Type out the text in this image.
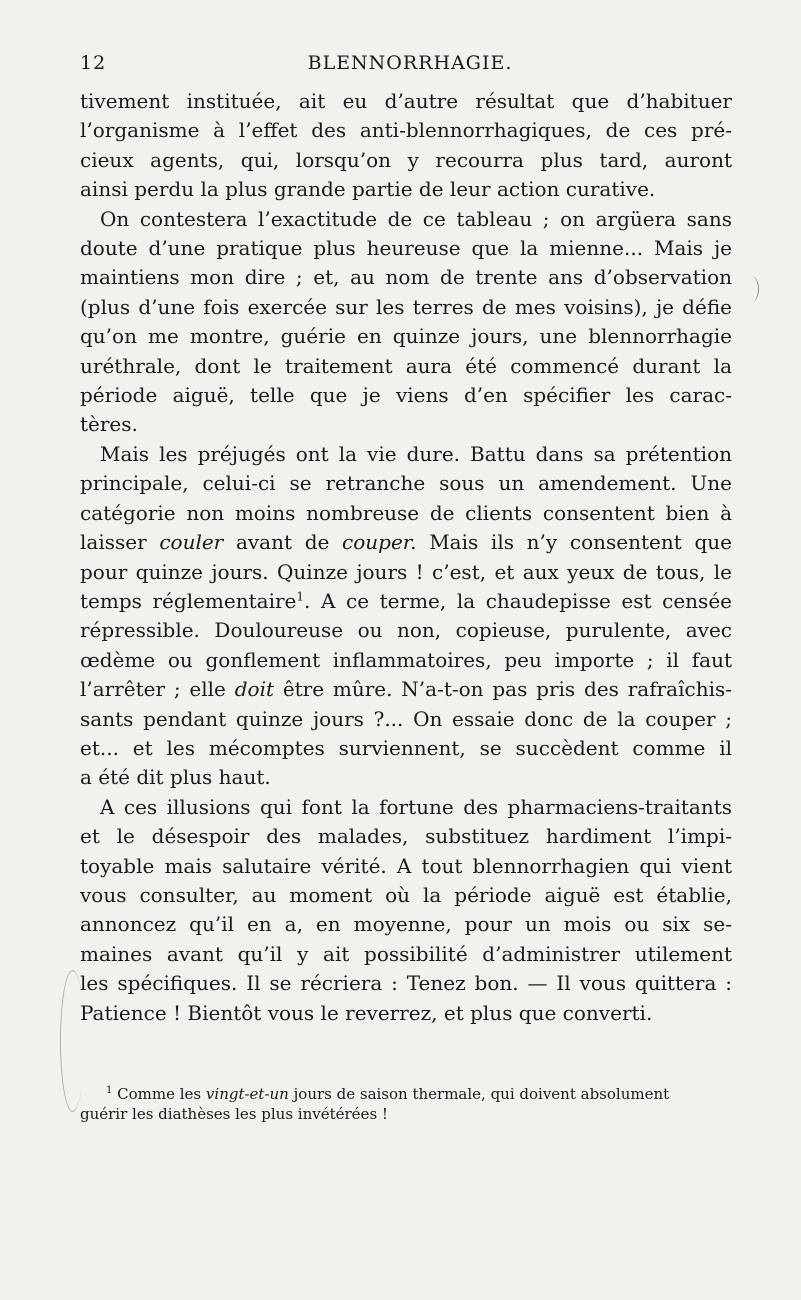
12	BLENNORRHAGIE.

tivement instituée, ait eu d’autre résultat que d’habituer
l’organisme à l’effet des anti-blennorrhagiques, de ces pré-
cieux agents, qui, lorsqu’on y recourra plus tard, auront
ainsi perdu la plus grande partie de leur action curative.

On contestera l’exactitude de ce tableau ; on argüera sans
doute d’une pratique plus heureuse que la mienne... Mais je
maintiens mon dire ; et, au nom de trente ans d’observation
(plus d’une fois exercée sur les terres de mes voisins), je défie
qu’on me montre, guérie en quinze jours, une blennorrhagie
uréthrale, dont le traitement aura été commencé durant la
période aiguë, telle que je viens d’en spécifier les carac-
tères.

Mais les préjugés ont la vie dure. Battu dans sa prétention
principale, celui-ci se retranche sous un amendement. Une
catégorie non moins nombreuse de clients consentent bien à
laisser couler avant de couper. Mais ils n’y consentent que
pour quinze jours. Quinze jours ! c’est, et aux yeux de tous, le
temps réglementaire$^1$. A ce terme, la chaudepisse est censée
répressible. Douloureuse ou non, copieuse, purulente, avec
œdème ou gonflement inflammatoires, peu importe ; il faut
l’arrêter ; elle doit être mûre. N’a-t-on pas pris des rafraîchis-
sants pendant quinze jours ?... On essaie donc de la couper ;
et... et les mécomptes surviennent, se succèdent comme il
a été dit plus haut.

A ces illusions qui font la fortune des pharmaciens-traitants
et le désespoir des malades, substituez hardiment l’impi-
toyable mais salutaire vérité. A tout blennorrhagien qui vient
vous consulter, au moment où la période aiguë est établie,
annoncez qu’il en a, en moyenne, pour un mois ou six se-
maines avant qu’il y ait possibilité d’administrer utilement
les spécifiques. Il se récriera : Tenez bon. — Il vous quittera :
Patience ! Bientôt vous le reverrez, et plus que converti.

$^1$ Comme les vingt-et-un jours de saison thermale, qui doivent absolument
guérir les diathèses les plus invétérées !
